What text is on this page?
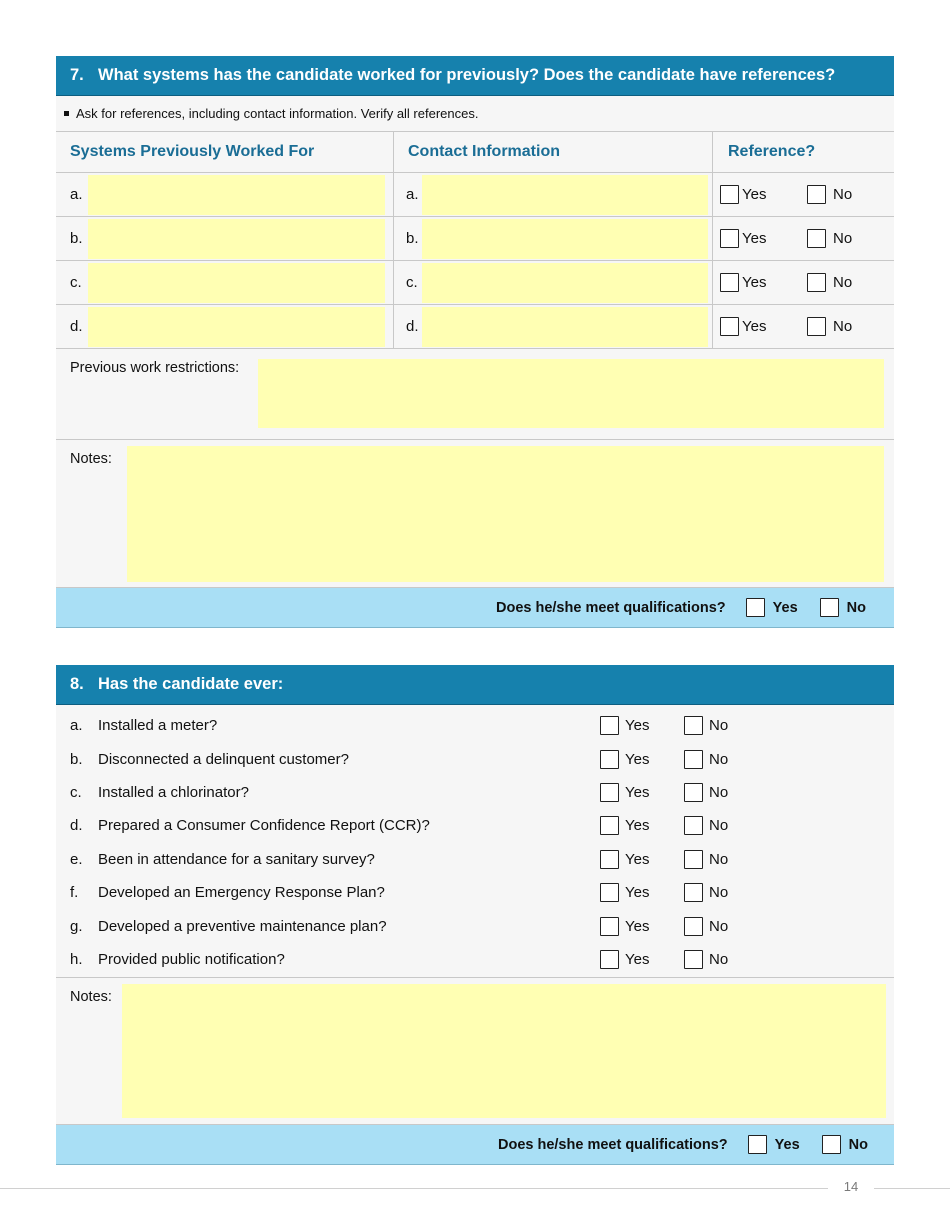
7. What systems has the candidate worked for previously? Does the candidate have references?
Ask for references, including contact information. Verify all references.
Systems Previously Worked For	Contact Information	Reference?

a.	a.	Yes No

b.	b.	Yes No

c.	c.	Yes No

d.	d.	Yes No
Previous work restrictions:
Notes:
Does he/she meet qualifications?	Yes	No
8. Has the candidate ever:
a.	Installed a meter?	Yes	No
b.	Disconnected a delinquent customer?	Yes	No
c.	Installed a chlorinator?	Yes	No
d.	Prepared a Consumer Confidence Report (CCR)?	Yes	No
e.	Been in attendance for a sanitary survey?	Yes	No
f.	Developed an Emergency Response Plan?	Yes	No
g.	Developed a preventive maintenance plan?	Yes	No
h.	Provided public notification?	Yes	No
Notes:
Does he/she meet qualifications?	Yes	No
14
